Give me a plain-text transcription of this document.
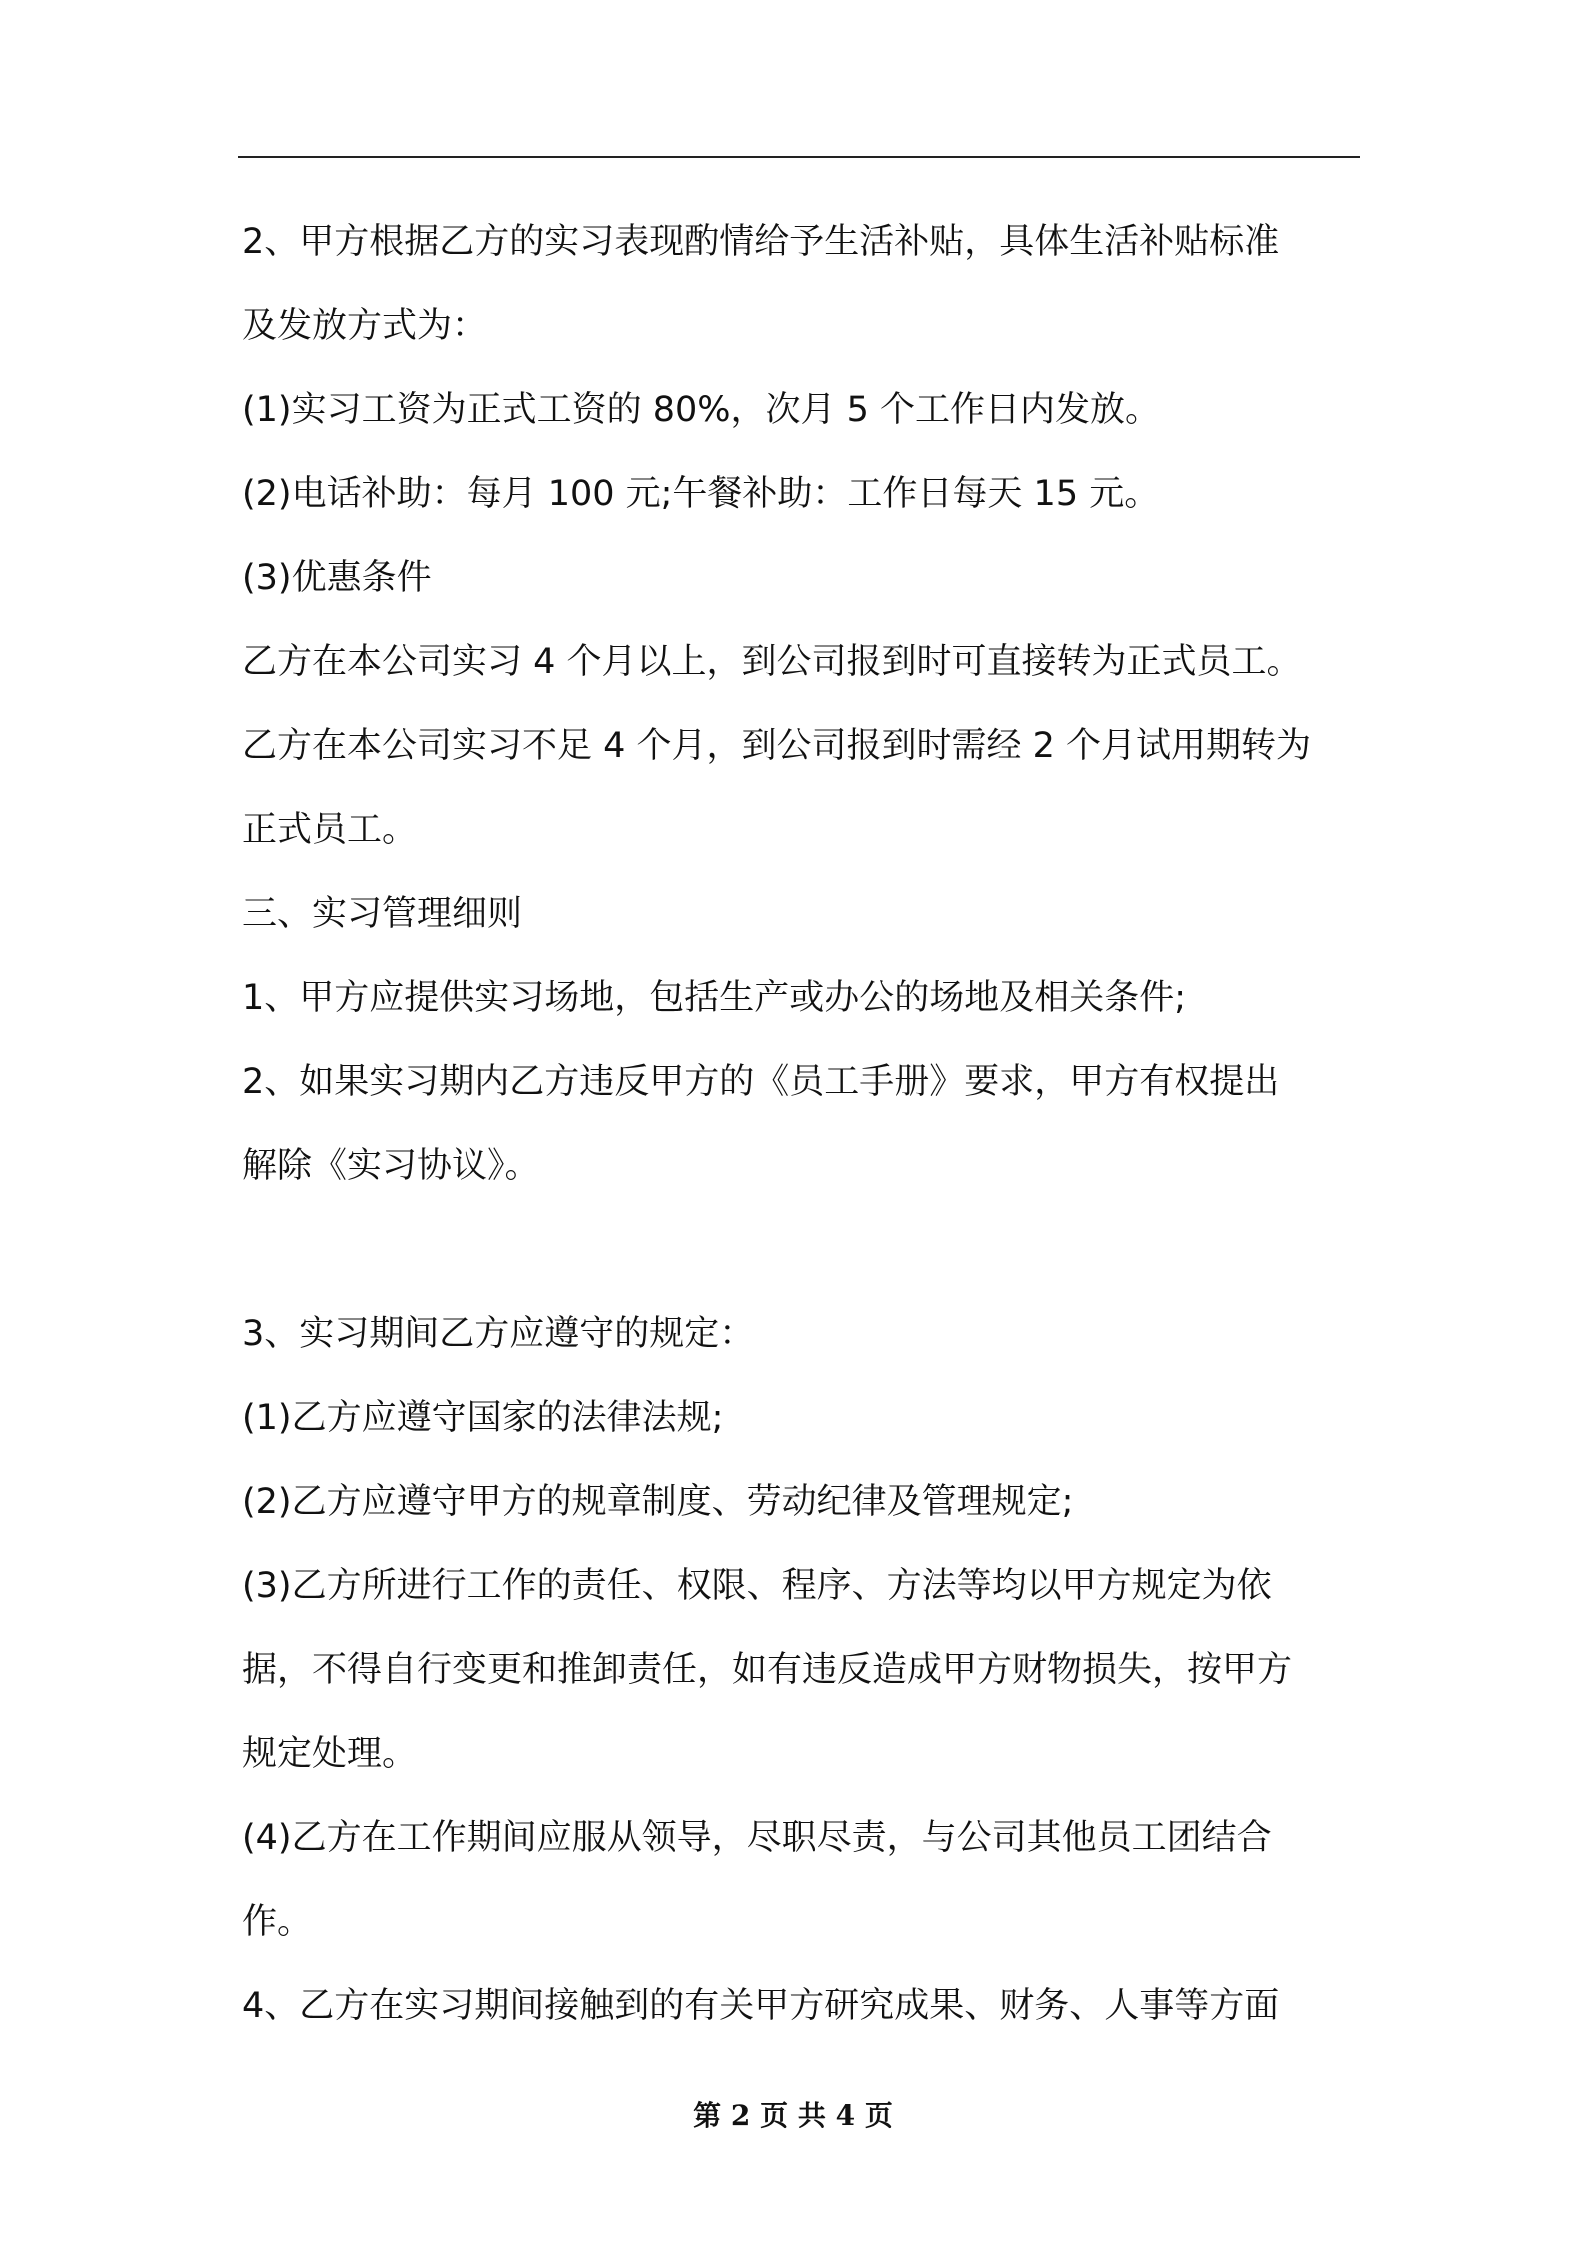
2、甲方根据乙方的实习表现酌情给予生活补贴，具体生活补贴标准
及发放方式为：
(1)实习工资为正式工资的 80%，次月 5 个工作日内发放。
(2)电话补助：每月 100 元;午餐补助：工作日每天 15 元。
(3)优惠条件
乙方在本公司实习 4 个月以上，到公司报到时可直接转为正式员工。
乙方在本公司实习不足 4 个月，到公司报到时需经 2 个月试用期转为
正式员工。
三、实习管理细则
1、甲方应提供实习场地，包括生产或办公的场地及相关条件;
2、如果实习期内乙方违反甲方的《员工手册》要求，甲方有权提出
解除《实习协议》。
3、实习期间乙方应遵守的规定：
(1)乙方应遵守国家的法律法规;
(2)乙方应遵守甲方的规章制度、劳动纪律及管理规定;
(3)乙方所进行工作的责任、权限、程序、方法等均以甲方规定为依
据，不得自行变更和推卸责任，如有违反造成甲方财物损失，按甲方
规定处理。
(4)乙方在工作期间应服从领导，尽职尽责，与公司其他员工团结合
作。
4、乙方在实习期间接触到的有关甲方研究成果、财务、人事等方面
第 2 页 共 4 页
